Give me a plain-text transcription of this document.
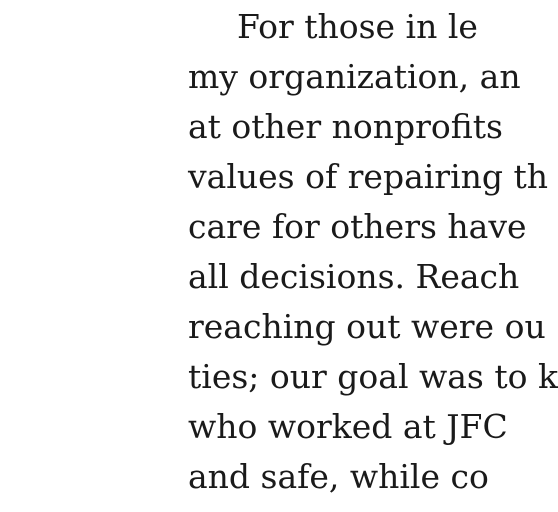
For those in le
my organization, an
at other nonprofits
values of repairing th
care for others have
all decisions. Reach
reaching out were ou
ties; our goal was to k
who worked at JFC
and safe, while co
